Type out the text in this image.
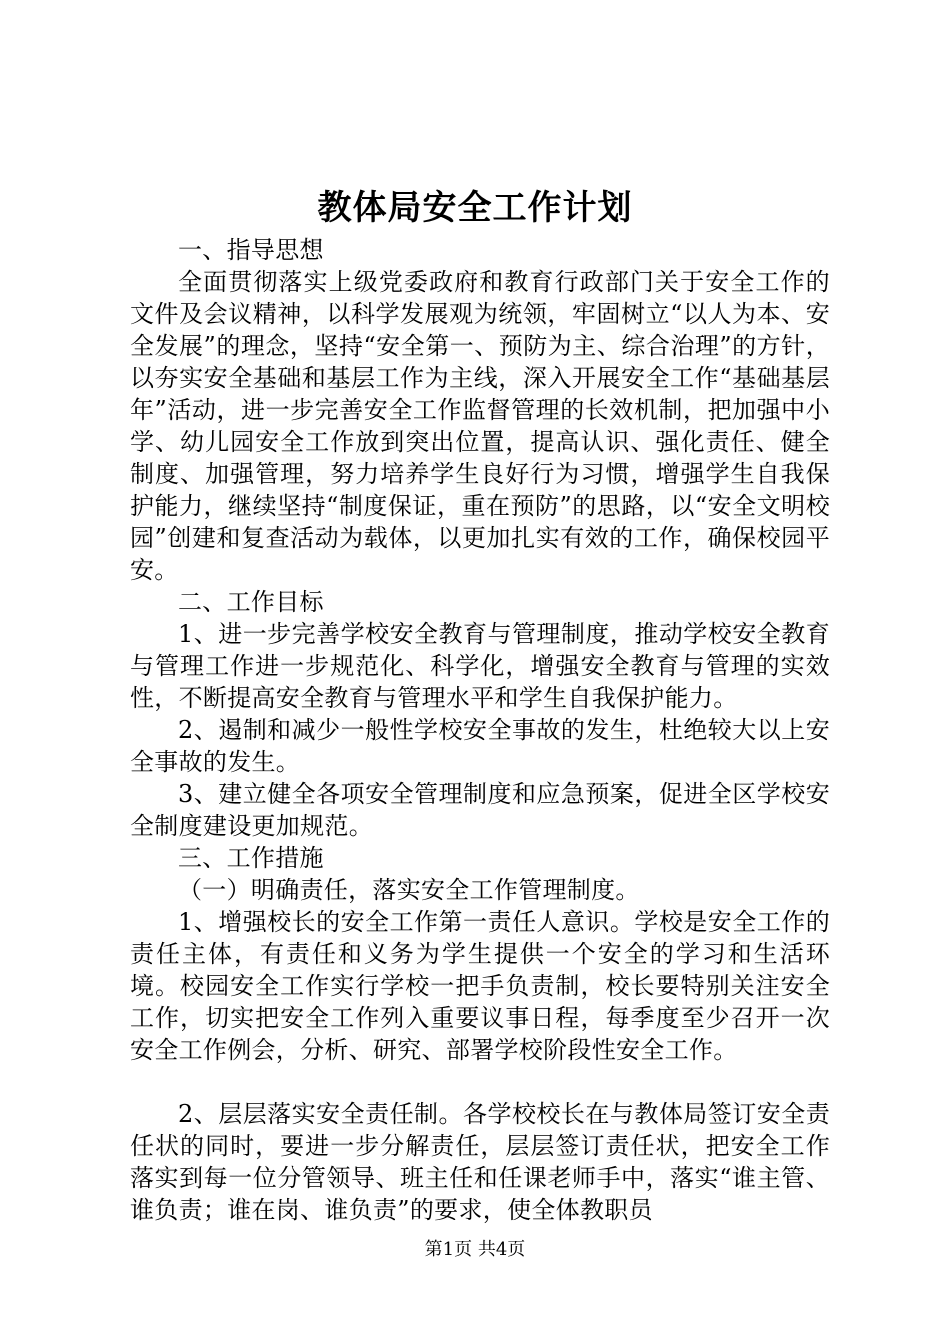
教体局安全工作计划

一、指导思想

全面贯彻落实上级党委政府和教育行政部门关于安全工作的文件及会议精神，以科学发展观为统领，牢固树立“以人为本、安全发展”的理念，坚持“安全第一、预防为主、综合治理”的方针，以夯实安全基础和基层工作为主线，深入开展安全工作“基础基层年”活动，进一步完善安全工作监督管理的长效机制，把加强中小学、幼儿园安全工作放到突出位置，提高认识、强化责任、健全制度、加强管理，努力培养学生良好行为习惯，增强学生自我保护能力，继续坚持“制度保证，重在预防”的思路，以“安全文明校园”创建和复查活动为载体，以更加扎实有效的工作，确保校园平安。

二、工作目标

1、进一步完善学校安全教育与管理制度，推动学校安全教育与管理工作进一步规范化、科学化，增强安全教育与管理的实效性，不断提高安全教育与管理水平和学生自我保护能力。

2、遏制和减少一般性学校安全事故的发生，杜绝较大以上安全事故的发生。

3、建立健全各项安全管理制度和应急预案，促进全区学校安全制度建设更加规范。

三、工作措施

（一）明确责任，落实安全工作管理制度。

1、增强校长的安全工作第一责任人意识。学校是安全工作的责任主体，有责任和义务为学生提供一个安全的学习和生活环境。校园安全工作实行学校一把手负责制，校长要特别关注安全工作，切实把安全工作列入重要议事日程，每季度至少召开一次安全工作例会，分析、研究、部署学校阶段性安全工作。

2、层层落实安全责任制。各学校校长在与教体局签订安全责任状的同时，要进一步分解责任，层层签订责任状，把安全工作落实到每一位分管领导、班主任和任课老师手中，落实“谁主管、谁负责；谁在岗、谁负责”的要求，使全体教职员

第1页 共4页
